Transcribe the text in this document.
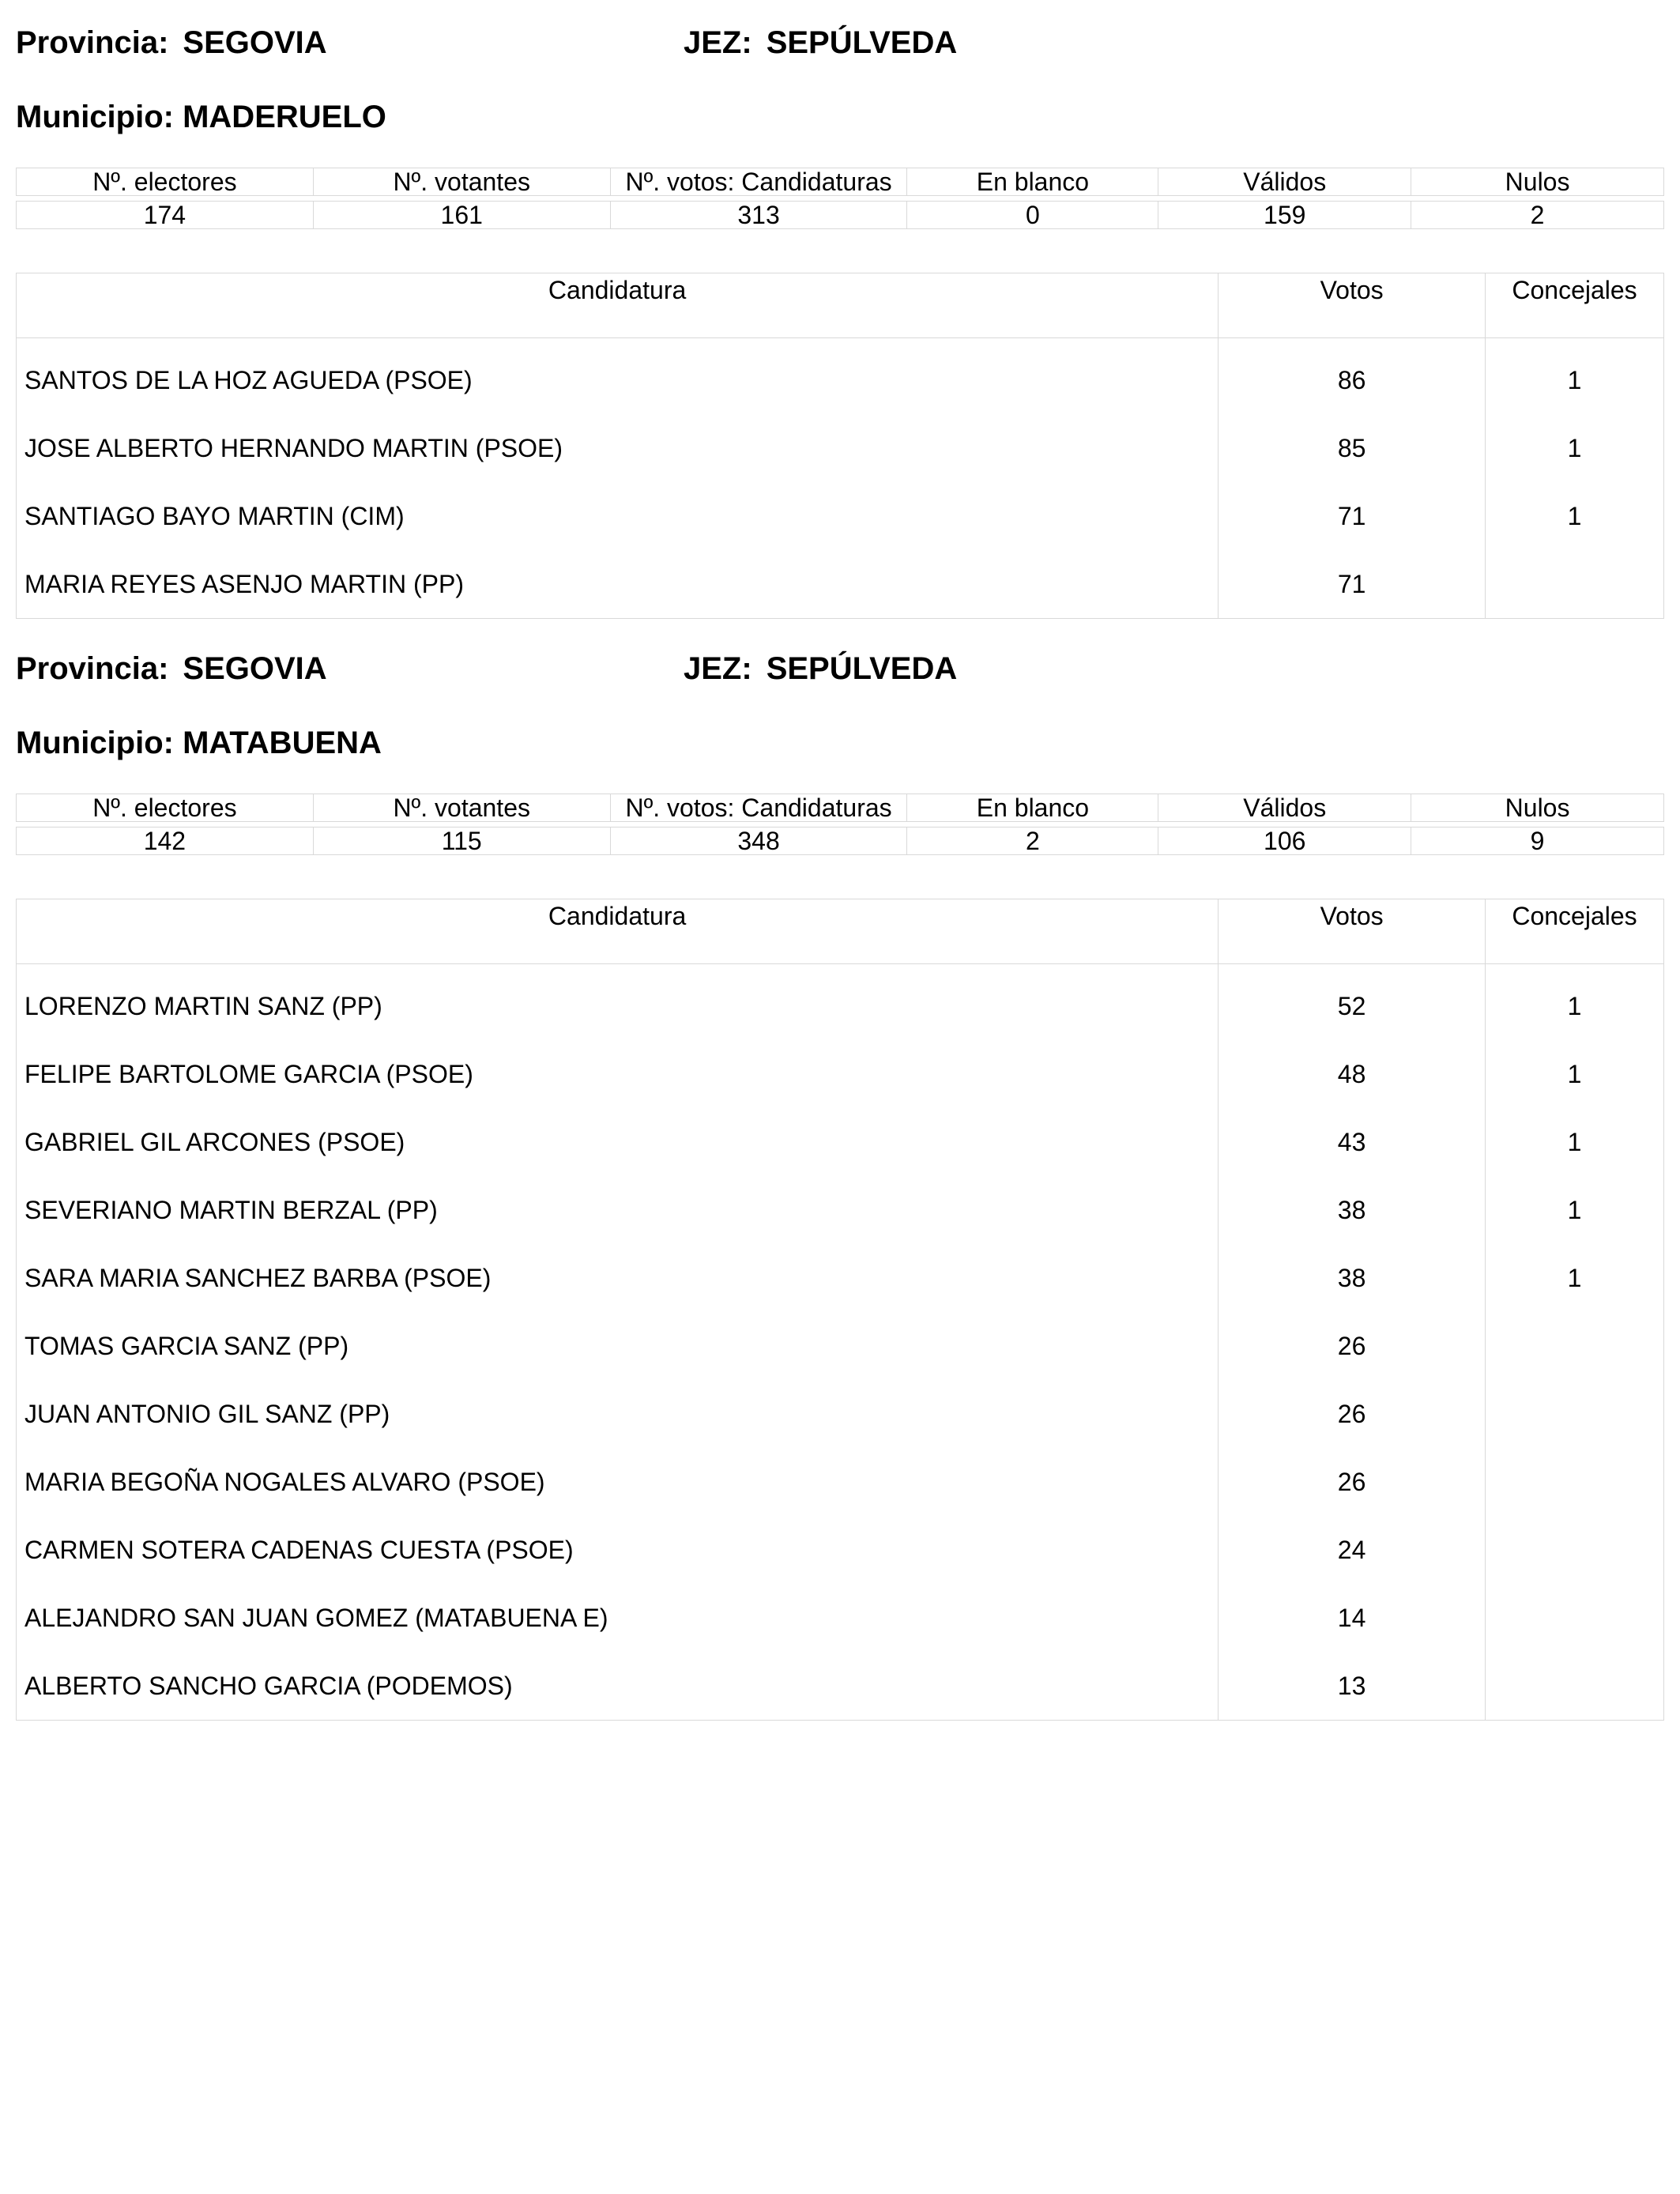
Provincia: SEGOVIA	JEZ: SEPÚLVEDA
Municipio: MADERUELO
Nº. electores	Nº. votantes	Nº. votos: Candidaturas	En blanco	Válidos	Nulos

174	161	313	0	159	2
Candidatura	Votos	Concejales
SANTOS DE LA HOZ AGUEDA (PSOE)	86	1
JOSE ALBERTO HERNANDO MARTIN (PSOE)	85	1
SANTIAGO BAYO MARTIN (CIM)	71	1
MARIA REYES ASENJO MARTIN (PP)	71	
Provincia: SEGOVIA	JEZ: SEPÚLVEDA
Municipio: MATABUENA
Nº. electores	Nº. votantes	Nº. votos: Candidaturas	En blanco	Válidos	Nulos

142	115	348	2	106	9
Candidatura	Votos	Concejales
LORENZO MARTIN SANZ (PP)	52	1
FELIPE BARTOLOME GARCIA (PSOE)	48	1
GABRIEL GIL ARCONES (PSOE)	43	1
SEVERIANO MARTIN BERZAL (PP)	38	1
SARA MARIA SANCHEZ BARBA (PSOE)	38	1
TOMAS GARCIA SANZ (PP)	26	
JUAN ANTONIO GIL SANZ (PP)	26	
MARIA BEGOÑA NOGALES ALVARO (PSOE)	26	
CARMEN SOTERA CADENAS CUESTA (PSOE)	24	
ALEJANDRO SAN JUAN GOMEZ (MATABUENA E)	14	
ALBERTO SANCHO GARCIA (PODEMOS)	13	
